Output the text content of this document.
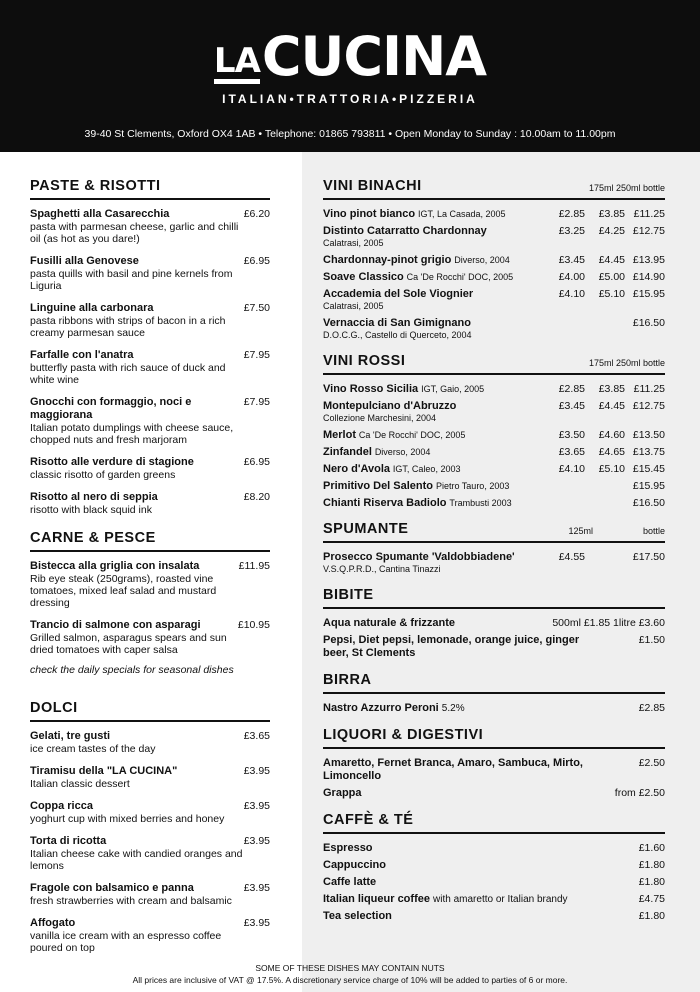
LACUCINA
ITALIAN•TRATTORIA•PIZZERIA
39-40 St Clements, Oxford OX4 1AB • Telephone: 01865 793811 • Open Monday to Sunday : 10.00am to 11.00pm
PASTE & RISOTTI
Spaghetti alla Casarecchia
pasta with parmesan cheese, garlic and chilli oil (as hot as you dare!)
£6.20
Fusilli alla Genovese
pasta quills with basil and pine kernels from Liguria
£6.95
Linguine alla carbonara
pasta ribbons with strips of bacon in a rich creamy parmesan sauce
£7.50
Farfalle con l'anatra
butterfly pasta with rich sauce of duck and white wine
£7.95
Gnocchi con formaggio, noci e maggiorana
Italian potato dumplings with cheese sauce, chopped nuts and fresh marjoram
£7.95
Risotto alle verdure di stagione
classic risotto of garden greens
£6.95
Risotto al nero di seppia
risotto with black squid ink
£8.20
CARNE & PESCE
Bistecca alla griglia con insalata
Rib eye steak (250grams), roasted vine tomatoes, mixed leaf salad and mustard dressing
£11.95
Trancio di salmone con asparagi
Grilled salmon, asparagus spears and sun dried tomatoes with caper salsa
£10.95
check the daily specials for seasonal dishes
DOLCI
Gelati, tre gusti
ice cream tastes of the day
£3.65
Tiramisu della "LA CUCINA"
Italian classic dessert
£3.95
Coppa ricca
yoghurt cup with mixed berries and honey
£3.95
Torta di ricotta
Italian cheese cake with candied oranges and lemons
£3.95
Fragole con balsamico e panna
fresh strawberries with cream and balsamic
£3.95
Affogato
vanilla ice cream with an espresso coffee poured on top
£3.95
VINI BINACHI	175ml 250ml bottle
Vino pinot bianco IGT, La Casada, 2005	£2.85 £3.85 £11.25
Distinto Catarratto Chardonnay
Calatrasi, 2005
£3.25 £4.25 £12.75
Chardonnay-pinot grigio Diverso, 2004	£3.45 £4.45 £13.95
Soave Classico Ca 'De Rocchi' DOC, 2005	£4.00 £5.00 £14.90
Accademia del Sole Viognier
Calatrasi, 2005
£4.10 £5.10 £15.95
Vernaccia di San Gimignano
D.O.C.G., Castello di Querceto, 2004
£16.50
VINI ROSSI	175ml 250ml bottle
Vino Rosso Sicilia IGT, Gaio, 2005	£2.85 £3.85 £11.25
Montepulciano d'Abruzzo
Collezione Marchesini, 2004
£3.45 £4.45 £12.75
Merlot Ca 'De Rocchi' DOC, 2005	£3.50 £4.60 £13.50
Zinfandel Diverso, 2004	£3.65 £4.65 £13.75
Nero d'Avola IGT, Caleo, 2003	£4.10 £5.10 £15.45
Primitivo Del Salento Pietro Tauro, 2003	£15.95
Chianti Riserva Badiolo Trambusti 2003	£16.50
SPUMANTE	125ml                    bottle
Prosecco Spumante 'Valdobbiadene'
V.S.Q.P.R.D., Cantina Tinazzi
£4.55	£17.50
BIBITE
Aqua naturale & frizzante	500ml £1.85 1litre £3.60
Pepsi, Diet pepsi, lemonade, orange juice, ginger beer, St Clements
£1.50
BIRRA
Nastro Azzurro Peroni 5.2%	£2.85
LIQUORI & DIGESTIVI
Amaretto, Fernet Branca, Amaro, Sambuca, Mirto, Limoncello
£2.50
Grappa	from £2.50
CAFFÈ & TÉ
Espresso	£1.60
Cappuccino	£1.80
Caffe latte	£1.80
Italian liqueur coffee with amaretto or Italian brandy	£4.75
Tea selection	£1.80
SOME OF THESE DISHES MAY CONTAIN NUTS
All prices are inclusive of VAT @ 17.5%. A discretionary service charge of 10% will be added to parties of 6 or more.
